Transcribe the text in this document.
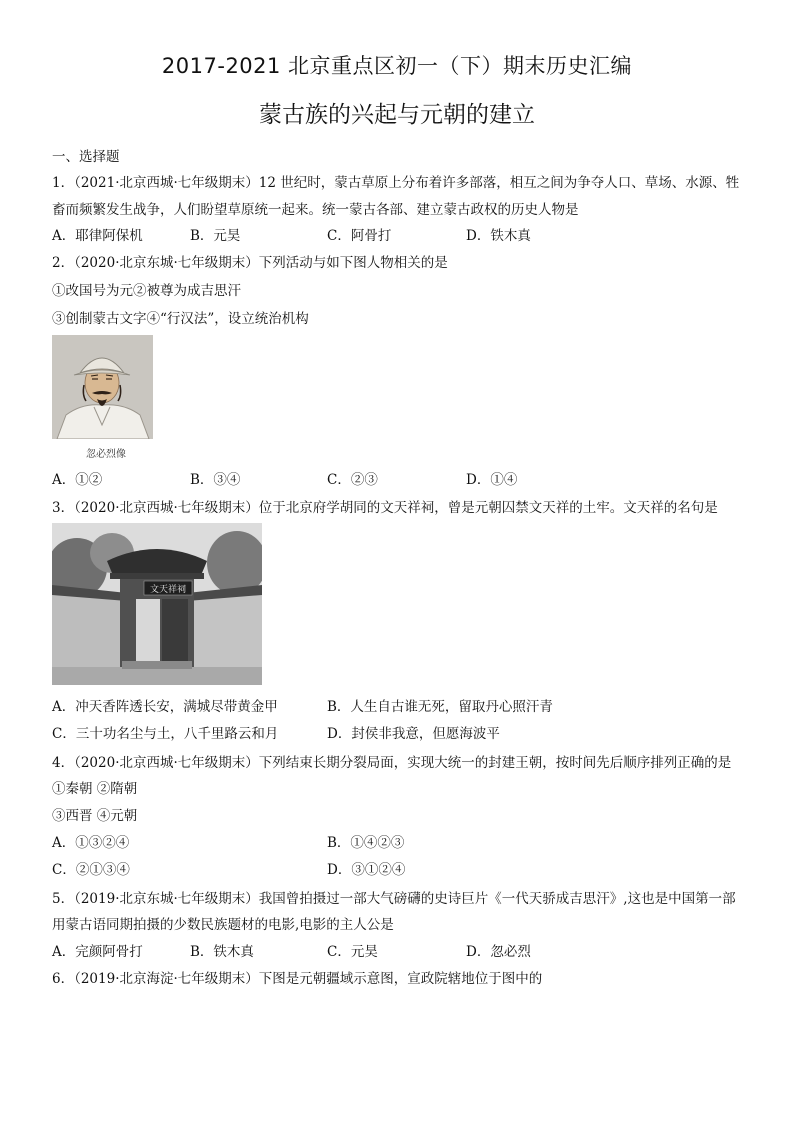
2017-2021 北京重点区初一（下）期末历史汇编
蒙古族的兴起与元朝的建立
一、选择题
1．（2021·北京西城·七年级期末）12 世纪时，蒙古草原上分布着许多部落，相互之间为争夺人口、草场、水源、牲
畜而频繁发生战争，人们盼望草原统一起来。统一蒙古各部、建立蒙古政权的历史人物是
A．耶律阿保机	B．元昊	C．阿骨打	D．铁木真
2．（2020·北京东城·七年级期末）下列活动与如下图人物相关的是
①改国号为元②被尊为成吉思汗
③创制蒙古文字④“行汉法”，设立统治机构
忽必烈像
A．①②	B．③④	C．②③	D．①④
3．（2020·北京西城·七年级期末）位于北京府学胡同的文天祥祠，曾是元朝囚禁文天祥的土牢。文天祥的名句是
文天祥祠
A．冲天香阵透长安，满城尽带黄金甲	B．人生自古谁无死，留取丹心照汗青
C．三十功名尘与土，八千里路云和月	D．封侯非我意，但愿海波平
4．（2020·北京西城·七年级期末）下列结束长期分裂局面，实现大统一的封建王朝，按时间先后顺序排列正确的是
①秦朝 ②隋朝
③西晋 ④元朝
A．①③②④	B．①④②③
C．②①③④	D．③①②④
5．（2019·北京东城·七年级期末）我国曾拍摄过一部大气磅礴的史诗巨片《一代天骄成吉思汗》,这也是中国第一部
用蒙古语同期拍摄的少数民族题材的电影,电影的主人公是
A．完颜阿骨打	B．铁木真	C．元昊	D．忽必烈
6．（2019·北京海淀·七年级期末）下图是元朝疆域示意图，宣政院辖地位于图中的
